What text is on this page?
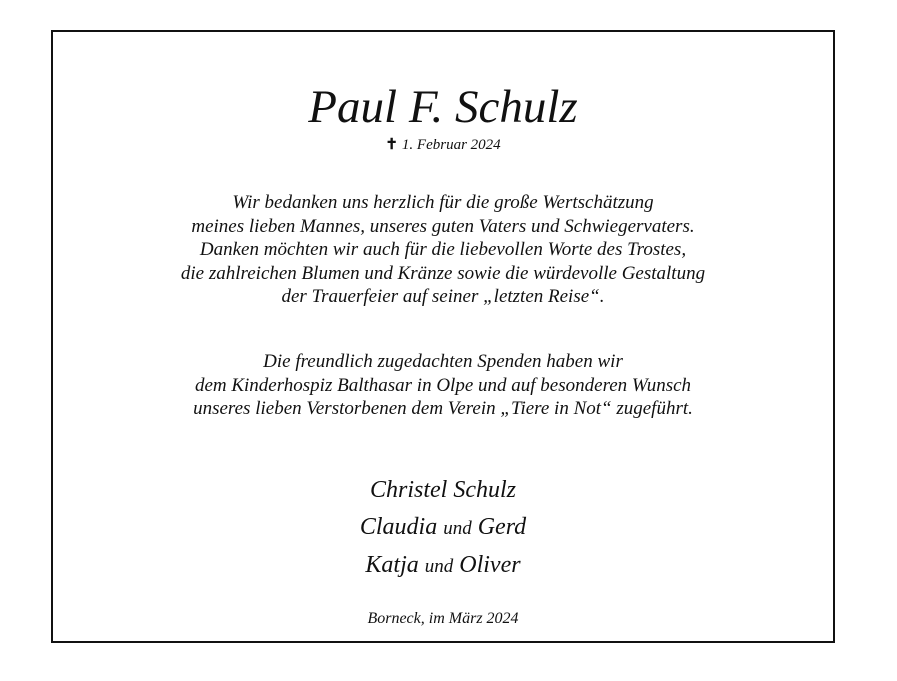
Paul F. Schulz
✝ 1. Februar 2024
Wir bedanken uns herzlich für die große Wertschätzung
meines lieben Mannes, unseres guten Vaters und Schwiegervaters.
Danken möchten wir auch für die liebevollen Worte des Trostes,
die zahlreichen Blumen und Kränze sowie die würdevolle Gestaltung
der Trauerfeier auf seiner „letzten Reise“.
Die freundlich zugedachten Spenden haben wir
dem Kinderhospiz Balthasar in Olpe und auf besonderen Wunsch
unseres lieben Verstorbenen dem Verein „Tiere in Not“ zugeführt.
Christel Schulz
Claudia und Gerd
Katja und Oliver
Borneck, im März 2024
